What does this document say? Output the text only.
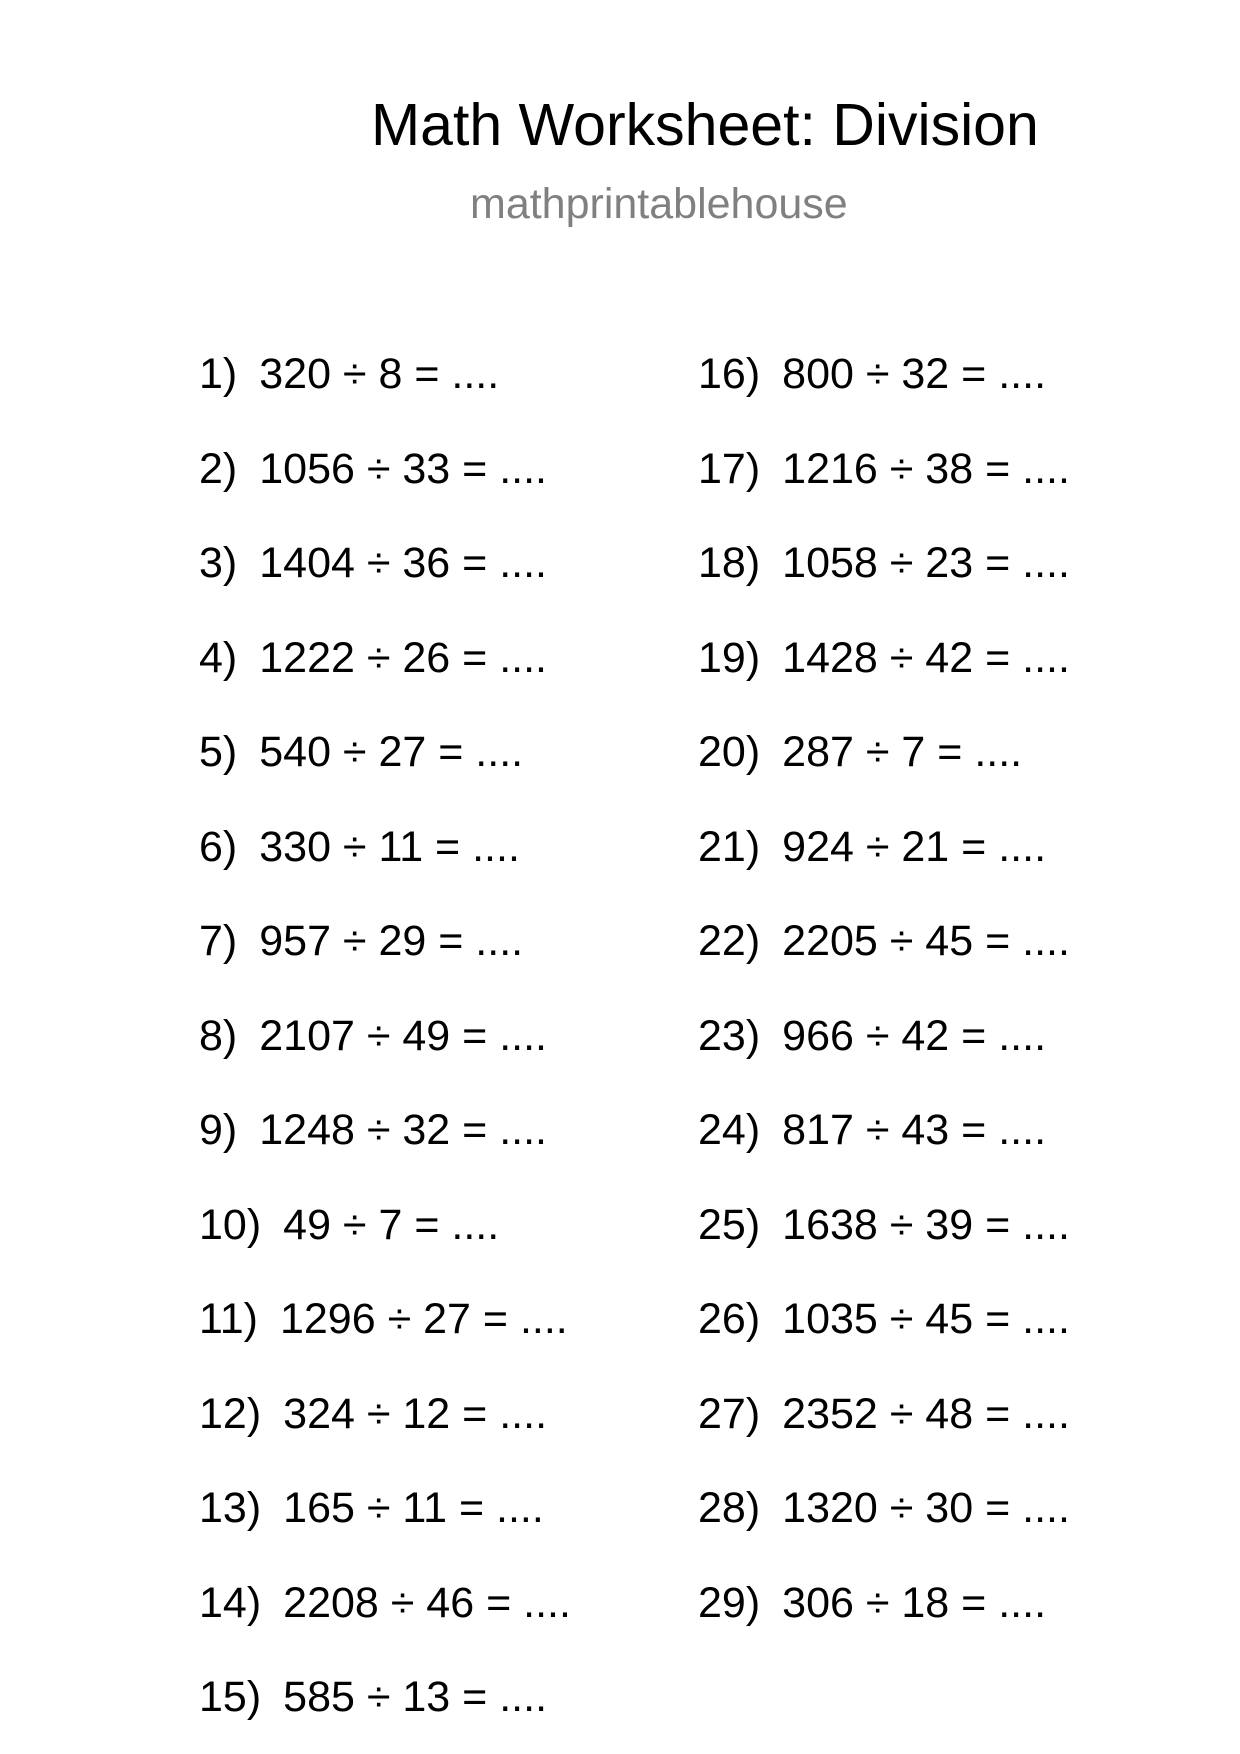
Math Worksheet: Division
mathprintablehouse
1) 320 ÷ 8 = ....
2) 1056 ÷ 33 = ....
3) 1404 ÷ 36 = ....
4) 1222 ÷ 26 = ....
5) 540 ÷ 27 = ....
6) 330 ÷ 11 = ....
7) 957 ÷ 29 = ....
8) 2107 ÷ 49 = ....
9) 1248 ÷ 32 = ....
10) 49 ÷ 7 = ....
11) 1296 ÷ 27 = ....
12) 324 ÷ 12 = ....
13) 165 ÷ 11 = ....
14) 2208 ÷ 46 = ....
15) 585 ÷ 13 = ....
16) 800 ÷ 32 = ....
17) 1216 ÷ 38 = ....
18) 1058 ÷ 23 = ....
19) 1428 ÷ 42 = ....
20) 287 ÷ 7 = ....
21) 924 ÷ 21 = ....
22) 2205 ÷ 45 = ....
23) 966 ÷ 42 = ....
24) 817 ÷ 43 = ....
25) 1638 ÷ 39 = ....
26) 1035 ÷ 45 = ....
27) 2352 ÷ 48 = ....
28) 1320 ÷ 30 = ....
29) 306 ÷ 18 = ....
